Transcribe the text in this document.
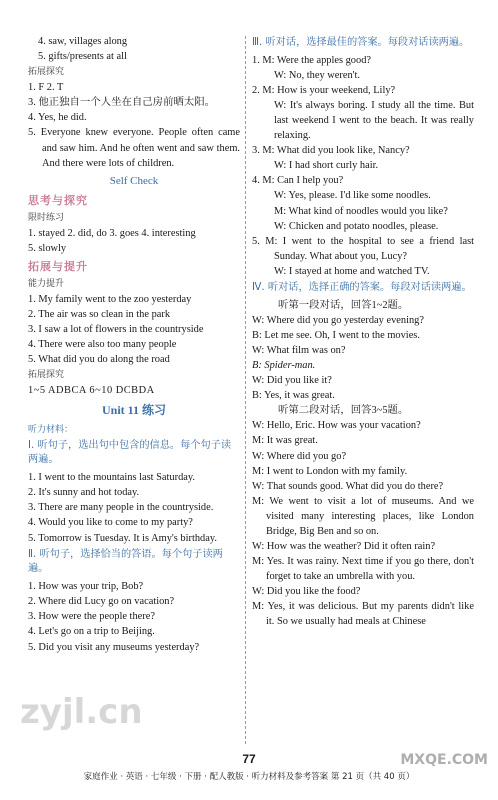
4. saw, villages along
5. gifts/presents at all
拓展探究
1. F 2. T
3. 他正独自一个人坐在自己房前晒太阳。
4. Yes, he did.
5. Everyone knew everyone. People often came and saw him. And he often went and saw them. And there were lots of children.
Self Check
思考与探究
限时练习
1. stayed 2. did, do 3. goes 4. interesting
5. slowly
拓展与提升
能力提升
1. My family went to the zoo yesterday
2. The air was so clean in the park
3. I saw a lot of flowers in the countryside
4. There were also too many people
5. What did you do along the road
拓展探究
1~5 ADBCA 6~10 DCBDA
Unit 11 练习
听力材料：
Ⅰ. 听句子，选出句中包含的信息。每个句子读两遍。
1. I went to the mountains last Saturday.
2. It's sunny and hot today.
3. There are many people in the countryside.
4. Would you like to come to my party?
5. Tomorrow is Tuesday. It is Amy's birthday.
Ⅱ. 听句子，选择恰当的答语。每个句子读两遍。
1. How was your trip, Bob?
2. Where did Lucy go on vacation?
3. How were the people there?
4. Let's go on a trip to Beijing.
5. Did you visit any museums yesterday?
Ⅲ. 听对话，选择最佳的答案。每段对话读两遍。
1. M: Were the apples good?
W: No, they weren't.
2. M: How is your weekend, Lily?
W: It's always boring. I study all the time. But last weekend I went to the beach. It was really relaxing.
3. M: What did you look like, Nancy?
W: I had short curly hair.
4. M: Can I help you?
W: Yes, please. I'd like some noodles.
M: What kind of noodles would you like?
W: Chicken and potato noodles, please.
5. M: I went to the hospital to see a friend last Sunday. What about you, Lucy?
W: I stayed at home and watched TV.
Ⅳ. 听对话，选择正确的答案。每段对话读两遍。
听第一段对话，回答1~2题。
W: Where did you go yesterday evening?
B: Let me see. Oh, I went to the movies.
W: What film was on?
B: Spider-man.
W: Did you like it?
B: Yes, it was great.
听第二段对话，回答3~5题。
W: Hello, Eric. How was your vacation?
M: It was great.
W: Where did you go?
M: I went to London with my family.
W: That sounds good. What did you do there?
M: We went to visit a lot of museums. And we visited many interesting places, like London Bridge, Big Ben and so on.
W: How was the weather? Did it often rain?
M: Yes. It was rainy. Next time if you go there, don't forget to take an umbrella with you.
W: Did you like the food?
M: Yes, it was delicious. But my parents didn't like it. So we usually had meals at Chinese
77
家庭作业 · 英语 · 七年级 · 下册 · 配人教版 · 听力材料及参考答案 第 21 页（共 40 页）
zyjl.cn
MXQE.COM
